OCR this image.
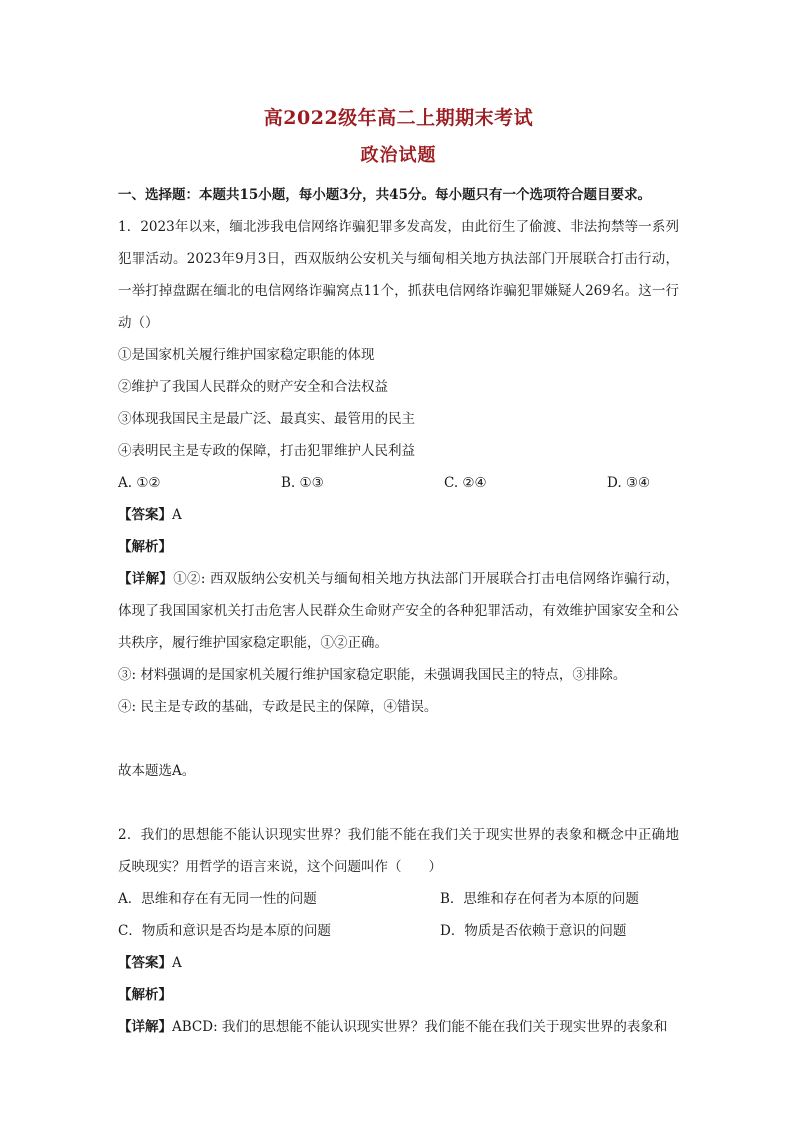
高2022级年高二上期期末考试
政治试题

一、选择题：本题共15小题，每小题3分，共45分。每小题只有一个选项符合题目要求。

1．2023年以来，缅北涉我电信网络诈骗犯罪多发高发，由此衍生了偷渡、非法拘禁等一系列犯罪活动。2023年9月3日，西双版纳公安机关与缅甸相关地方执法部门开展联合打击行动，一举打掉盘踞在缅北的电信网络诈骗窝点11个，抓获电信网络诈骗犯罪嫌疑人269名。这一行动（）

①是国家机关履行维护国家稳定职能的体现

②维护了我国人民群众的财产安全和合法权益

③体现我国民主是最广泛、最真实、最管用的民主

④表明民主是专政的保障，打击犯罪维护人民利益

A. ①②	B. ①③	C. ②④	D. ③④

【答案】A

【解析】

【详解】①②: 西双版纳公安机关与缅甸相关地方执法部门开展联合打击电信网络诈骗行动，体现了我国国家机关打击危害人民群众生命财产安全的各种犯罪活动，有效维护国家安全和公共秩序，履行维护国家稳定职能，①②正确。

③: 材料强调的是国家机关履行维护国家稳定职能，未强调我国民主的特点，③排除。

④: 民主是专政的基础，专政是民主的保障，④错误。

故本题选A。

2．我们的思想能不能认识现实世界？我们能不能在我们关于现实世界的表象和概念中正确地反映现实？用哲学的语言来说，这个问题叫作（　　）

A．思维和存在有无同一性的问题	B．思维和存在何者为本原的问题
C．物质和意识是否均是本原的问题	D．物质是否依赖于意识的问题

【答案】A

【解析】

【详解】ABCD: 我们的思想能不能认识现实世界？我们能不能在我们关于现实世界的表象和
